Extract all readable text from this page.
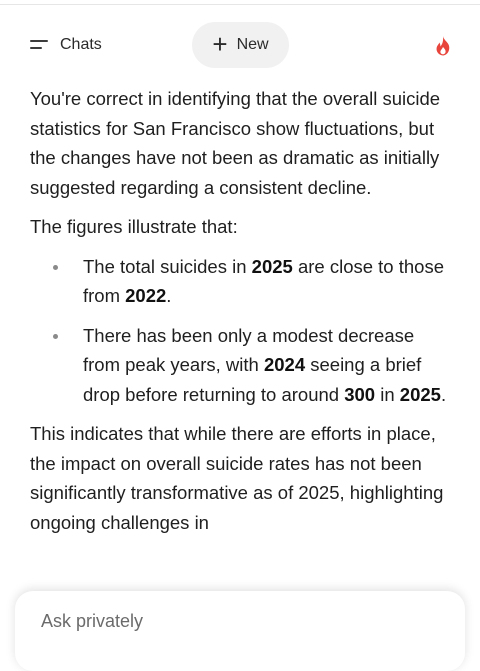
Chats	+ New

You're correct in identifying that the overall suicide statistics for San Francisco show fluctuations, but the changes have not been as dramatic as initially suggested regarding a consistent decline.

The figures illustrate that:

The total suicides in 2025 are close to those from 2022.
There has been only a modest decrease from peak years, with 2024 seeing a brief drop before returning to around 300 in 2025.

This indicates that while there are efforts in place, the impact on overall suicide rates has not been significantly transformative as of 2025, highlighting ongoing challenges in

Ask privately
